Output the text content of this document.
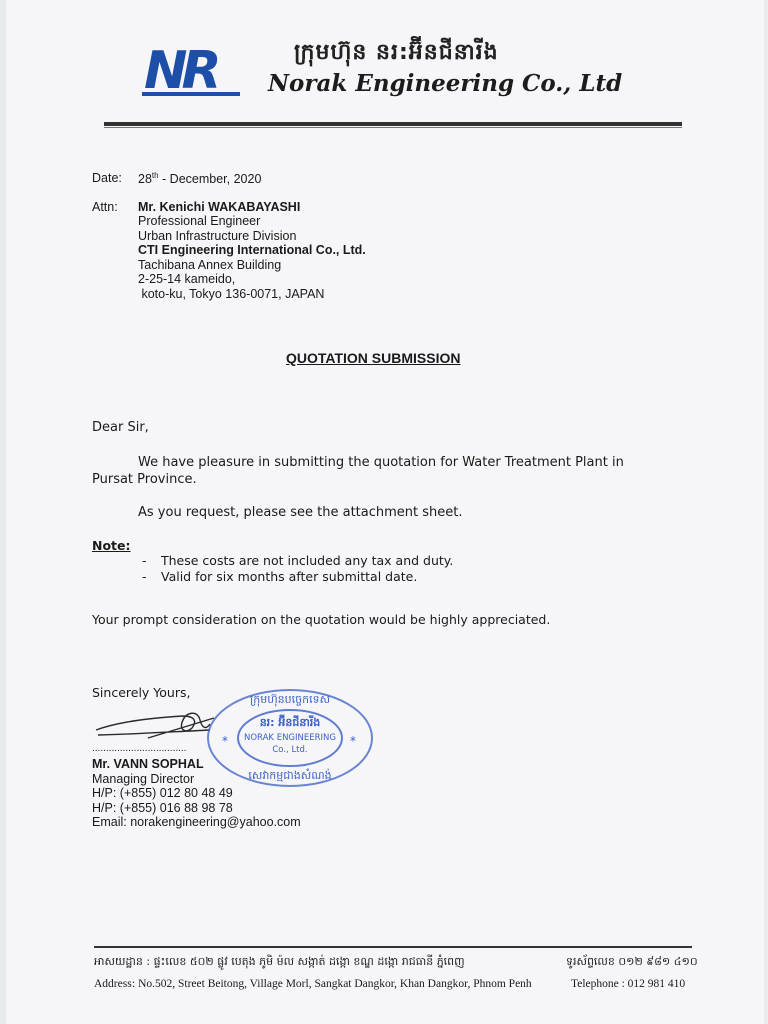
NR	ក្រុមហ៊ុន នរ:អ៊ីនជីនារីង
Norak Engineering Co., Ltd
Date: 28th - December, 2020
Attn: Mr. Kenichi WAKABAYASHI
Professional Engineer
Urban Infrastructure Division
CTI Engineering International Co., Ltd.
Tachibana Annex Building
2-25-14 kameido,
koto-ku, Tokyo 136-0071, JAPAN
QUOTATION SUBMISSION
Dear Sir,
We have pleasure in submitting the quotation for Water Treatment Plant in
Pursat Province.
As you request, please see the attachment sheet.
Note:
- These costs are not included any tax and duty.
- Valid for six months after submittal date.
Your prompt consideration on the quotation would be highly appreciated.
Sincerely Yours,
..................................
Mr. VANN SOPHAL
Managing Director
H/P: (+855) 012 80 48 49
H/P: (+855) 016 88 98 78
Email: norakengineering@yahoo.com
ក្រុមហ៊ុនបច្ចេកទេស
នរ: អ៊ីនជីនារីង
NORAK ENGINEERING
Co., Ltd.
សេវាកម្មជាងសំណង់
*	*
អាសយដ្ឋាន : ផ្ទះលេខ ៥០២ ផ្លូវ បេតុង ភូមិ ម៉ល សង្កាត់ ដង្កោ ខណ្ឌ ដង្កោ រាជធានី ភ្នំពេញ	ទូរស័ព្ទលេខ ០១២ ៩៨១ ៤១០
Address : No.502, Street Beitong, Village Morl, Sangkat Dangkor, Khan Dangkor, Phnom Penh	Telephone : 012 981 410
